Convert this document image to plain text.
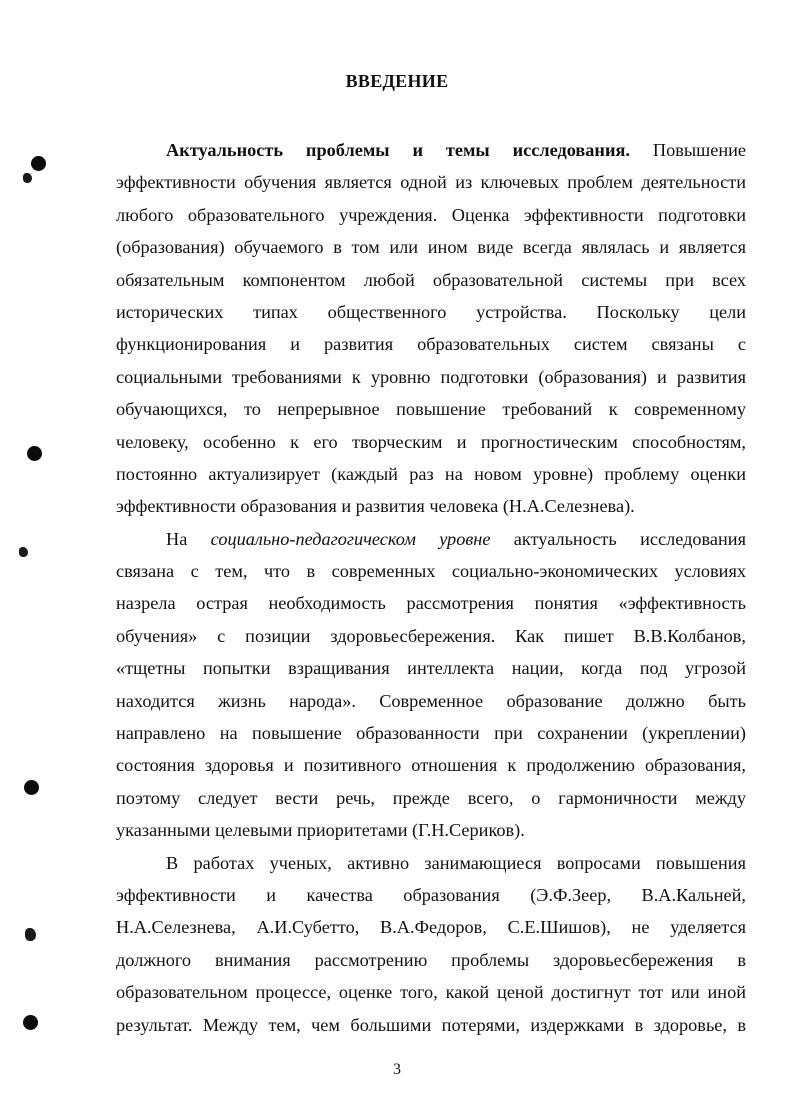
ВВЕДЕНИЕ
Актуальность проблемы и темы исследования. Повышение
эффективности обучения является одной из ключевых проблем деятельности
любого образовательного учреждения. Оценка эффективности подготовки
(образования) обучаемого в том или ином виде всегда являлась и является
обязательным компонентом любой образовательной системы при всех
исторических типах общественного устройства. Поскольку цели
функционирования и развития образовательных систем связаны с
социальными требованиями к уровню подготовки (образования) и развития
обучающихся, то непрерывное повышение требований к современному
человеку, особенно к его творческим и прогностическим способностям,
постоянно актуализирует (каждый раз на новом уровне) проблему оценки
эффективности образования и развития человека (Н.А.Селезнева).
На социально-педагогическом уровне актуальность исследования
связана с тем, что в современных социально-экономических условиях
назрела острая необходимость рассмотрения понятия «эффективность
обучения» с позиции здоровьесбережения. Как пишет В.В.Колбанов,
«тщетны попытки взращивания интеллекта нации, когда под угрозой
находится жизнь народа». Современное образование должно быть
направлено на повышение образованности при сохранении (укреплении)
состояния здоровья и позитивного отношения к продолжению образования,
поэтому следует вести речь, прежде всего, о гармоничности между
указанными целевыми приоритетами (Г.Н.Сериков).
В работах ученых, активно занимающиеся вопросами повышения
эффективности и качества образования (Э.Ф.Зеер, В.А.Кальней,
Н.А.Селезнева, А.И.Субетто, В.А.Федоров, С.Е.Шишов), не уделяется
должного внимания рассмотрению проблемы здоровьесбережения в
образовательном процессе, оценке того, какой ценой достигнут тот или иной
результат. Между тем, чем большими потерями, издержками в здоровье, в
3
